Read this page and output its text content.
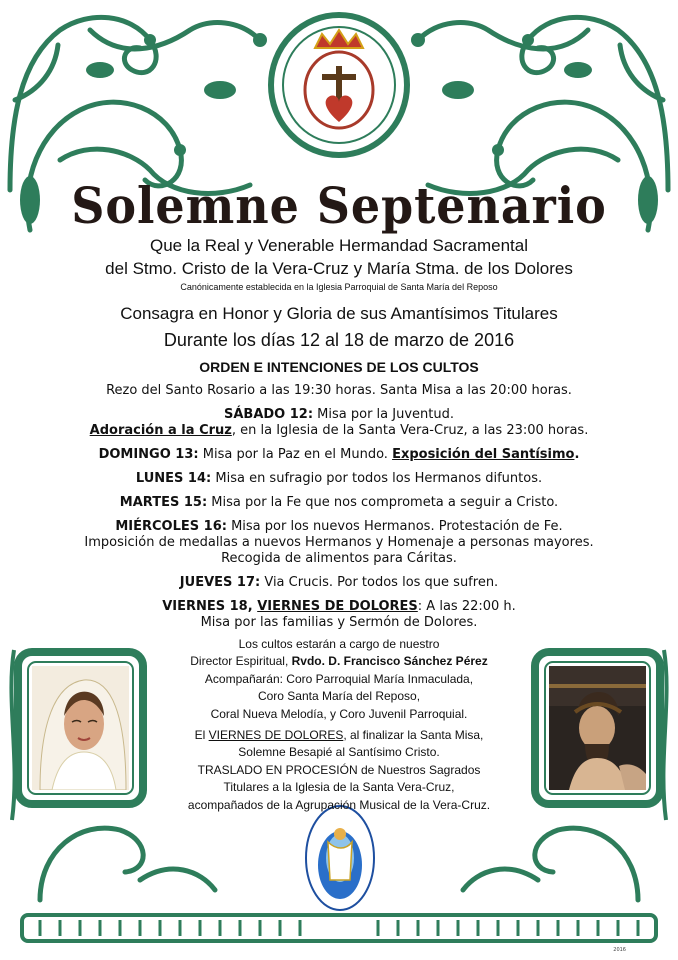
Solemne Septenario
Que la Real y Venerable Hermandad Sacramental
del Stmo. Cristo de la Vera-Cruz y María Stma. de los Dolores
Canónicamente establecida en la Iglesia Parroquial de Santa María del Reposo
Consagra en Honor y Gloria de sus Amantísimos Titulares
Durante los días 12 al 18 de marzo de 2016
ORDEN E INTENCIONES DE LOS CULTOS
Rezo del Santo Rosario a las 19:30 horas. Santa Misa a las 20:00 horas.
SÁBADO 12: Misa por la Juventud.
Adoración a la Cruz, en la Iglesia de la Santa Vera-Cruz, a las 23:00 horas.
DOMINGO 13: Misa por la Paz en el Mundo. Exposición del Santísimo.
LUNES 14: Misa en sufragio por todos los Hermanos difuntos.
MARTES 15: Misa por la Fe que nos comprometa a seguir a Cristo.
MIÉRCOLES 16: Misa por los nuevos Hermanos. Protestación de Fe.
Imposición de medallas a nuevos Hermanos y Homenaje a personas mayores.
Recogida de alimentos para Cáritas.
JUEVES 17: Via Crucis. Por todos los que sufren.
VIERNES 18, VIERNES DE DOLORES: A las 22:00 h.
Misa por las familias y Sermón de Dolores.
Los cultos estarán a cargo de nuestro
Director Espiritual, Rvdo. D. Francisco Sánchez Pérez
Acompañarán: Coro Parroquial María Inmaculada,
Coro Santa María del Reposo,
Coral Nueva Melodía, y Coro Juvenil Parroquial.
El VIERNES DE DOLORES, al finalizar la Santa Misa,
Solemne Besapié al Santísimo Cristo.
TRASLADO EN PROCESIÓN de Nuestros Sagrados
Titulares a la Iglesia de la Santa Vera-Cruz,
acompañados de la Agrupación Musical de la Vera-Cruz.
2016
